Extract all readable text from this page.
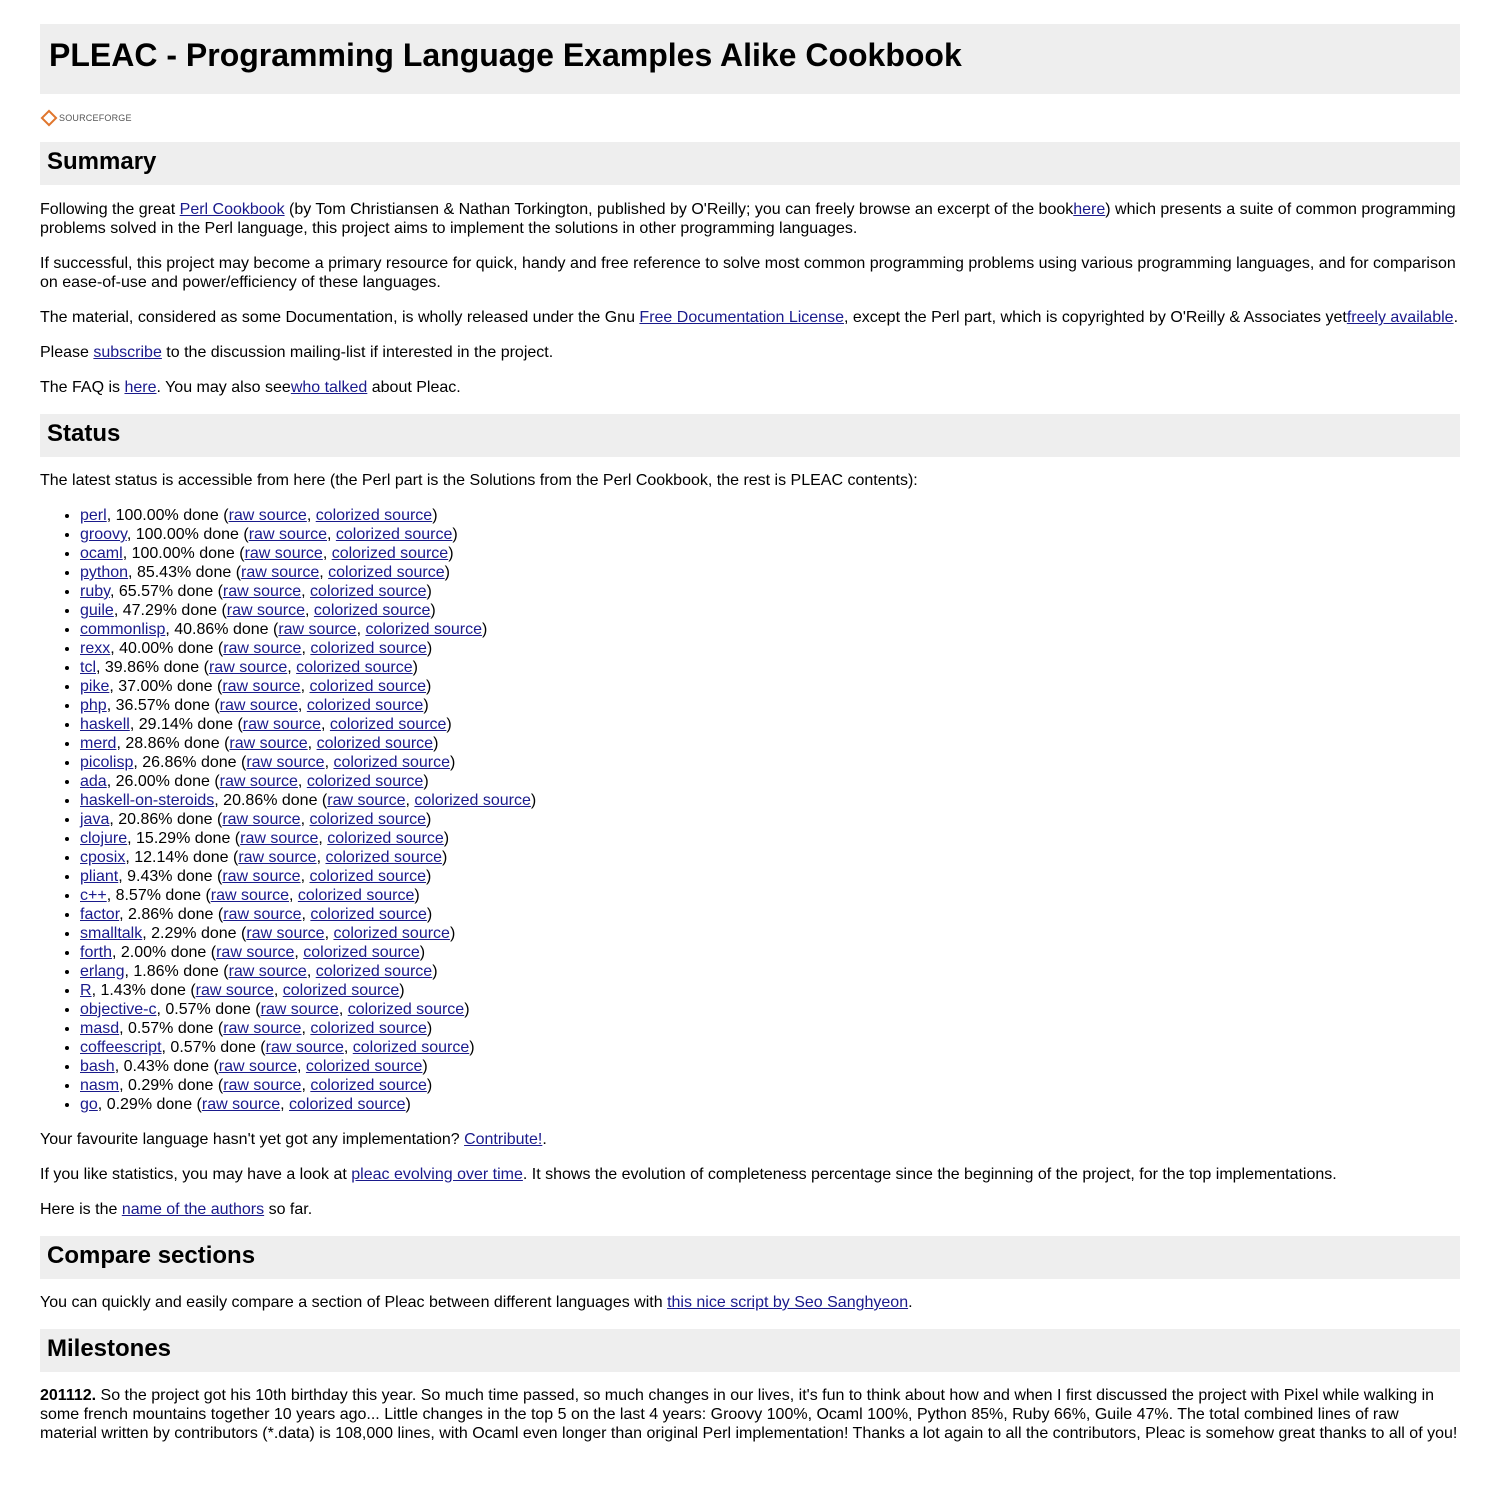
PLEAC - Programming Language Examples Alike Cookbook
SOURCEFORGE
Summary

Following the great Perl Cookbook (by Tom Christiansen & Nathan Torkington, published by O'Reilly; you can freely browse an excerpt of the bookhere) which presents a suite of common programming problems solved in the Perl language, this project aims to implement the solutions in other programming languages.

If successful, this project may become a primary resource for quick, handy and free reference to solve most common programming problems using various programming languages, and for comparison on ease-of-use and power/efficiency of these languages.

The material, considered as some Documentation, is wholly released under the Gnu Free Documentation License, except the Perl part, which is copyrighted by O'Reilly & Associates yetfreely available.

Please subscribe to the discussion mailing-list if interested in the project.

The FAQ is here. You may also seewho talked about Pleac.

Status

The latest status is accessible from here (the Perl part is the Solutions from the Perl Cookbook, the rest is PLEAC contents):

• perl, 100.00% done (raw source, colorized source)
• groovy, 100.00% done (raw source, colorized source)
• ocaml, 100.00% done (raw source, colorized source)
• python, 85.43% done (raw source, colorized source)
• ruby, 65.57% done (raw source, colorized source)
• guile, 47.29% done (raw source, colorized source)
• commonlisp, 40.86% done (raw source, colorized source)
• rexx, 40.00% done (raw source, colorized source)
• tcl, 39.86% done (raw source, colorized source)
• pike, 37.00% done (raw source, colorized source)
• php, 36.57% done (raw source, colorized source)
• haskell, 29.14% done (raw source, colorized source)
• merd, 28.86% done (raw source, colorized source)
• picolisp, 26.86% done (raw source, colorized source)
• ada, 26.00% done (raw source, colorized source)
• haskell-on-steroids, 20.86% done (raw source, colorized source)
• java, 20.86% done (raw source, colorized source)
• clojure, 15.29% done (raw source, colorized source)
• cposix, 12.14% done (raw source, colorized source)
• pliant, 9.43% done (raw source, colorized source)
• c++, 8.57% done (raw source, colorized source)
• factor, 2.86% done (raw source, colorized source)
• smalltalk, 2.29% done (raw source, colorized source)
• forth, 2.00% done (raw source, colorized source)
• erlang, 1.86% done (raw source, colorized source)
• R, 1.43% done (raw source, colorized source)
• objective-c, 0.57% done (raw source, colorized source)
• masd, 0.57% done (raw source, colorized source)
• coffeescript, 0.57% done (raw source, colorized source)
• bash, 0.43% done (raw source, colorized source)
• nasm, 0.29% done (raw source, colorized source)
• go, 0.29% done (raw source, colorized source)

Your favourite language hasn't yet got any implementation? Contribute!.

If you like statistics, you may have a look at pleac evolving over time. It shows the evolution of completeness percentage since the beginning of the project, for the top implementations.

Here is the name of the authors so far.

Compare sections

You can quickly and easily compare a section of Pleac between different languages with this nice script by Seo Sanghyeon.

Milestones

201112. So the project got his 10th birthday this year. So much time passed, so much changes in our lives, it's fun to think about how and when I first discussed the project with Pixel while walking in some french mountains together 10 years ago... Little changes in the top 5 on the last 4 years: Groovy 100%, Ocaml 100%, Python 85%, Ruby 66%, Guile 47%. The total combined lines of raw material written by contributors (*.data) is 108,000 lines, with Ocaml even longer than original Perl implementation! Thanks a lot again to all the contributors, Pleac is somehow great thanks to all of you!
